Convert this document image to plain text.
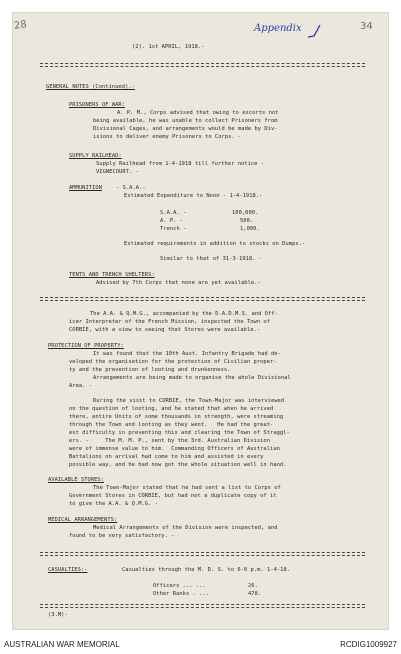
28	34
Appendix
(2). 1st APRIL, 1918.-
GENERAL NOTES (Continued).-
PRISONERS OF WAR:
A. P. M., Corps advised that owing to escorts not
being available, he was unable to collect Prisoners from
Divisional Cages, and arrangements would be made by Div-
isions to deliver enemy Prisoners to Corps. -
SUPPLY RAILHEAD:
Supply Railhead from 1-4-1918 till further notice -
VIGNECOURT. -
AMMUNITION	- S.A.A.-
Estimated Expenditure to Noon - 1-4-1918.-
S.A.A. -	100,000.
A. P. -	500.
Trench -	1,000.
Estimated requirements in addition to stocks on Dumps.-
Similar to that of 31-3-1918. -
TENTS AND TRENCH SHELTERS:
Advised by 7th Corps that none are yet available.-
The A.A. & Q.M.G., accompanied by the D.A.D.M.S. and Off-
icer Interpreter of the French Mission, inspected the Town of
CORBIE, with a view to seeing that Stores were available.-
PROTECTION OF PROPERTY:
It was found that the 10th Aust. Infantry Brigade had de-
veloped the organisation for the protection of Civilian proper-
ty and the prevention of looting and drunkenness.
Arrangements are being made to organise the whole Divisional
Area. -
During the visit to CORBIE, the Town-Major was interviewed
on the question of looting, and he stated that when he arrived
there, entire Units of some thousands in strength, were streaming
through the Town and looting as they went.   He had the great-
est difficulty in preventing this and clearing the Town of Straggl-
ers. -     The M. M. P., sent by the 3rd. Australian Division
were of immense value to him.  Commanding Officers of Australian
Battalions on arrival had come to him and assisted in every
possible way, and he had now got the whole situation well in hand.
AVAILABLE STORES:
The Town-Major stated that he had sent a list to Corps of
Government Stores in CORBIE, but had not a duplicate copy of it
to give the A.A. & Q.M.G. -
MEDICAL ARRANGEMENTS:
Medical Arrangements of the Division were inspected, and
found to be very satisfactory. -
CASUALTIES:-	Casualties through the M. D. S. to 6-0 p.m. 1-4-18.
Officers ... ...	26.
Other Ranks . ...	478.
(3.M)-
AUSTRALIAN WAR MEMORIAL	RCDIG1009927
